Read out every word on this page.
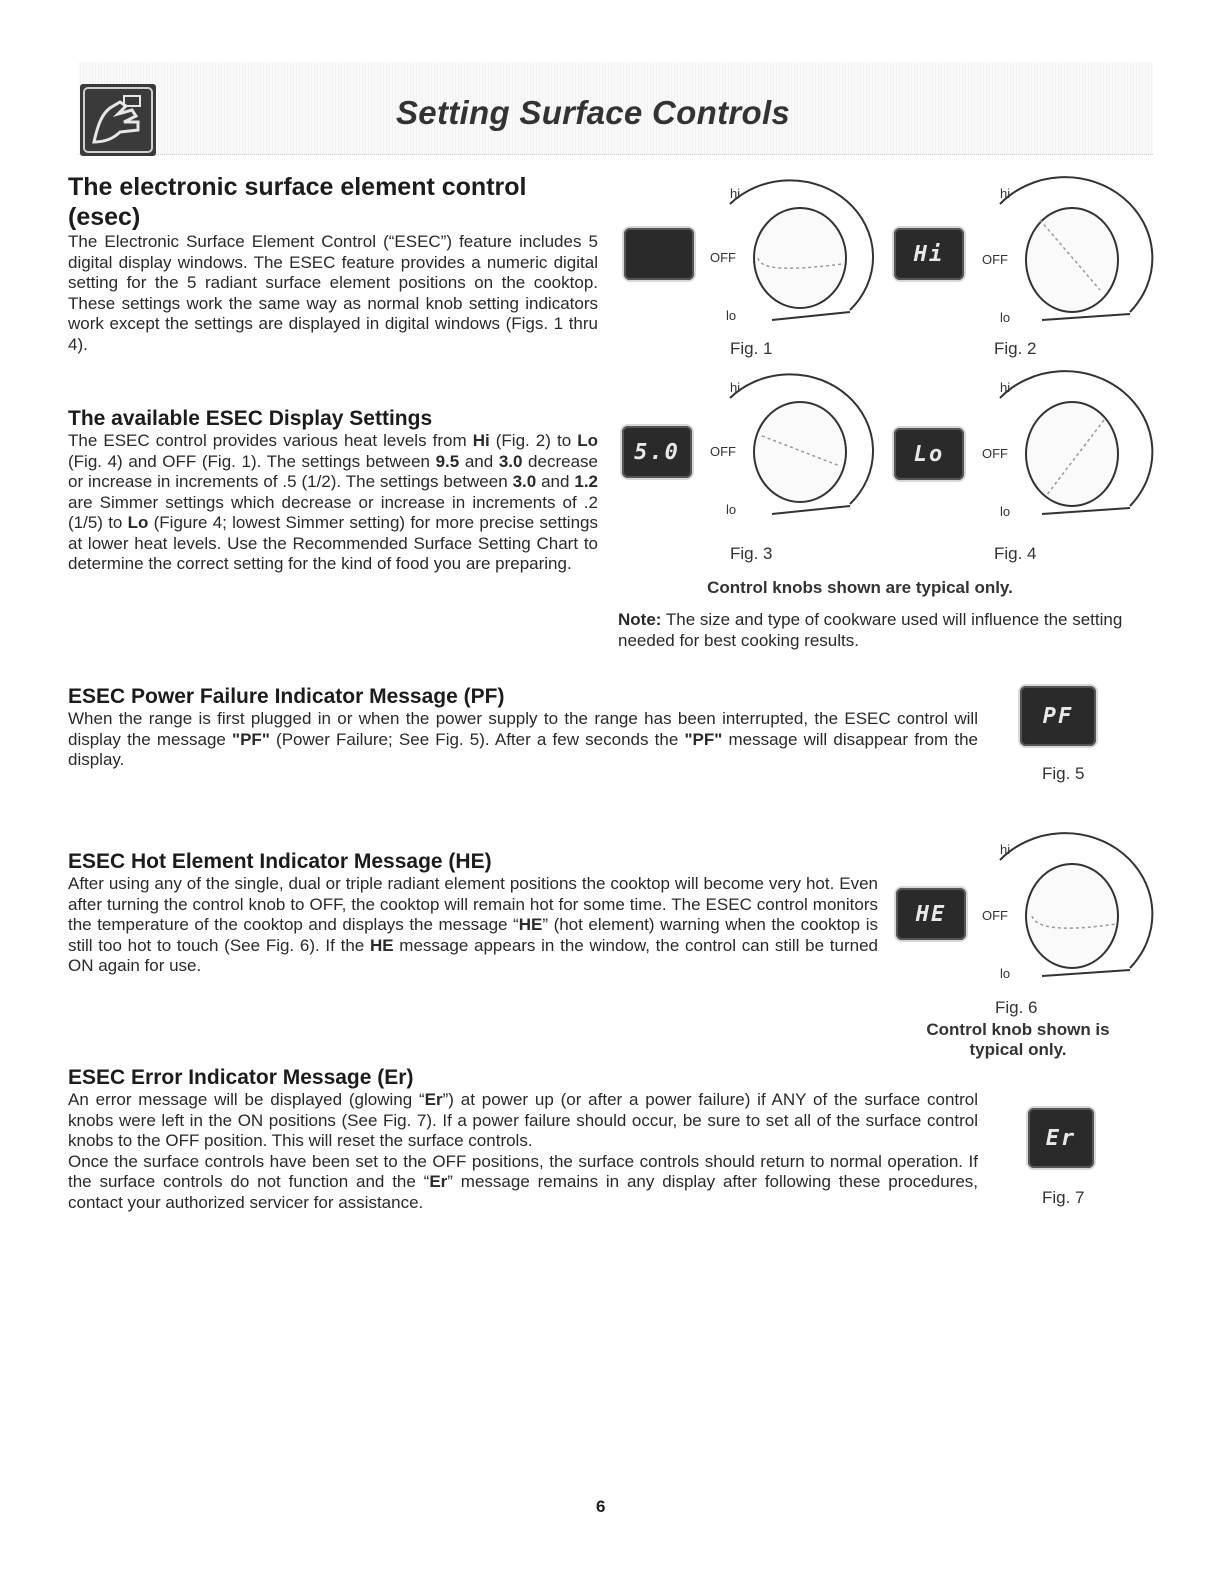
Setting Surface Controls
The electronic surface element control (esec)

The Electronic Surface Element Control (“ESEC”) feature includes 5 digital display windows. The ESEC feature provides a numeric digital setting for the 5 radiant surface element positions on the cooktop. These settings work the same way as normal knob setting indicators work except the settings are displayed in digital windows (Figs. 1 thru 4).

The available ESEC Display Settings

The ESEC control provides various heat levels from Hi (Fig. 2) to Lo (Fig. 4) and OFF (Fig. 1). The settings between 9.5 and 3.0 decrease or increase in increments of .5 (1/2). The settings between 3.0 and 1.2 are Simmer settings which decrease or increase in increments of .2 (1/5) to Lo (Figure 4; lowest Simmer setting) for more precise settings at lower heat levels. Use the Recommended Surface Setting Chart to determine the correct setting for the kind of food you are preparing.

hi
OFF
lo

Fig. 1

Hi
hi
OFF
lo

Fig. 2

5.0
hi
OFF
lo

Fig. 3

Lo
hi
OFF
lo

Fig. 4

Control knobs shown are typical only.

Note: The size and type of cookware used will influence the setting needed for best cooking results.

ESEC Power Failure Indicator Message (PF)

When the range is first plugged in or when the power supply to the range has been interrupted, the ESEC control will display the message "PF" (Power Failure; See Fig. 5). After a few seconds the "PF" message will disappear from the display.

PF

Fig. 5

ESEC Hot Element Indicator Message (HE)

After using any of the single, dual or triple radiant element positions the cooktop will become very hot. Even after turning the control knob to OFF, the cooktop will remain hot for some time. The ESEC control monitors the temperature of the cooktop and displays the message “HE” (hot element) warning when the cooktop is still too hot to touch (See Fig. 6). If the HE message appears in the window, the control can still be turned ON again for use.

HE
hi
OFF
lo

Fig. 6

Control knob shown is typical only.

ESEC Error Indicator Message (Er)

An error message will be displayed (glowing “Er”) at power up (or after a power failure) if ANY of the surface control knobs were left in the ON positions (See Fig. 7). If a power failure should occur, be sure to set all of the surface control knobs to the OFF position. This will reset the surface controls.

Once the surface controls have been set to the OFF positions, the surface controls should return to normal operation. If the surface controls do not function and the “Er” message remains in any display after following these procedures, contact your authorized servicer for assistance.

Er

Fig. 7

6
